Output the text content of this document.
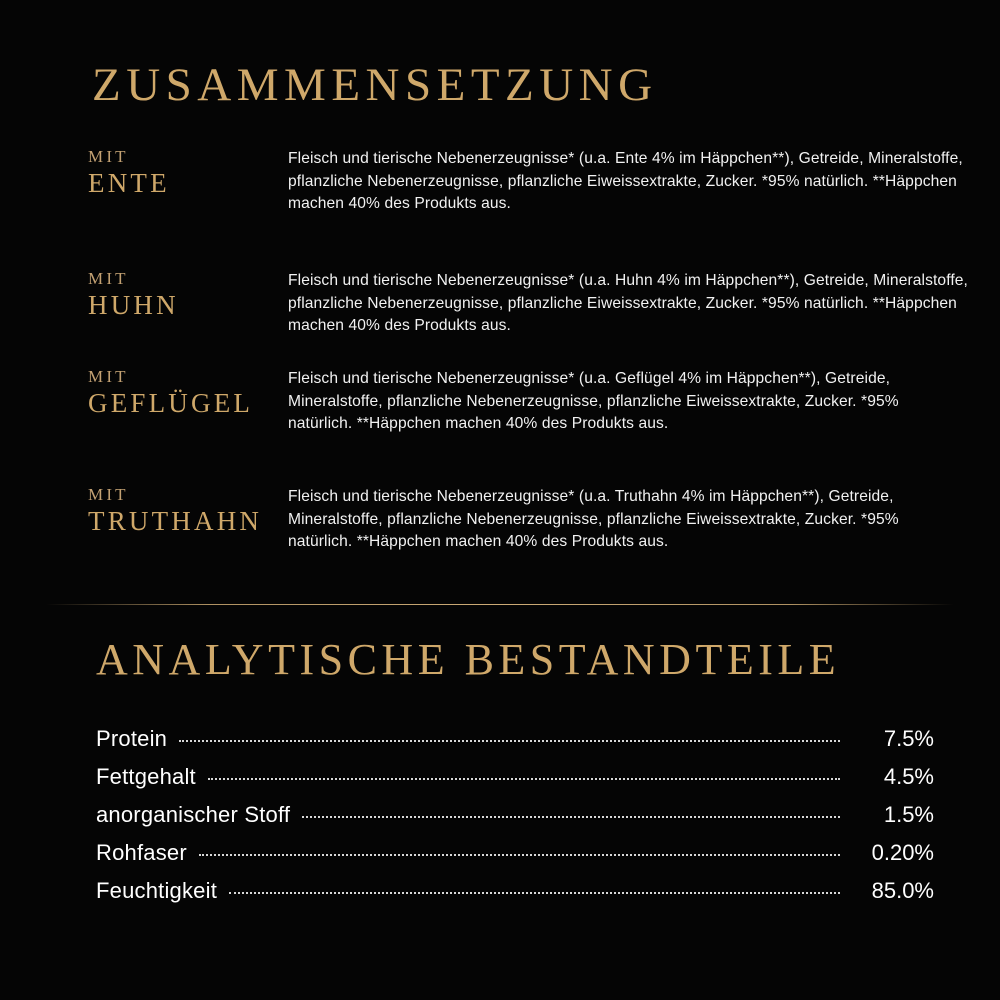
ZUSAMMENSETZUNG
MIT
ENTE
Fleisch und tierische Nebenerzeugnisse* (u.a. Ente 4% im Häppchen**), Getreide, Mineralstoffe, pflanzliche Nebenerzeugnisse, pflanzliche Eiweissextrakte, Zucker. *95% natürlich. **Häppchen machen 40% des Produkts aus.
MIT
HUHN
Fleisch und tierische Nebenerzeugnisse* (u.a. Huhn 4% im Häppchen**), Getreide, Mineralstoffe, pflanzliche Nebenerzeugnisse, pflanzliche Eiweissextrakte, Zucker. *95% natürlich. **Häppchen machen 40% des Produkts aus.
MIT
GEFLÜGEL
Fleisch und tierische Nebenerzeugnisse* (u.a. Geflügel 4% im Häppchen**), Getreide, Mineralstoffe, pflanzliche Nebenerzeugnisse, pflanzliche Eiweissextrakte, Zucker. *95% natürlich. **Häppchen machen 40% des Produkts aus.
MIT
TRUTHAHN
Fleisch und tierische Nebenerzeugnisse* (u.a. Truthahn 4% im Häppchen**), Getreide, Mineralstoffe, pflanzliche Nebenerzeugnisse, pflanzliche Eiweissextrakte, Zucker. *95% natürlich. **Häppchen machen 40% des Produkts aus.
ANALYTISCHE BESTANDTEILE
Protein	7.5%
Fettgehalt	4.5%
anorganischer Stoff	1.5%
Rohfaser	0.20%
Feuchtigkeit	85.0%
